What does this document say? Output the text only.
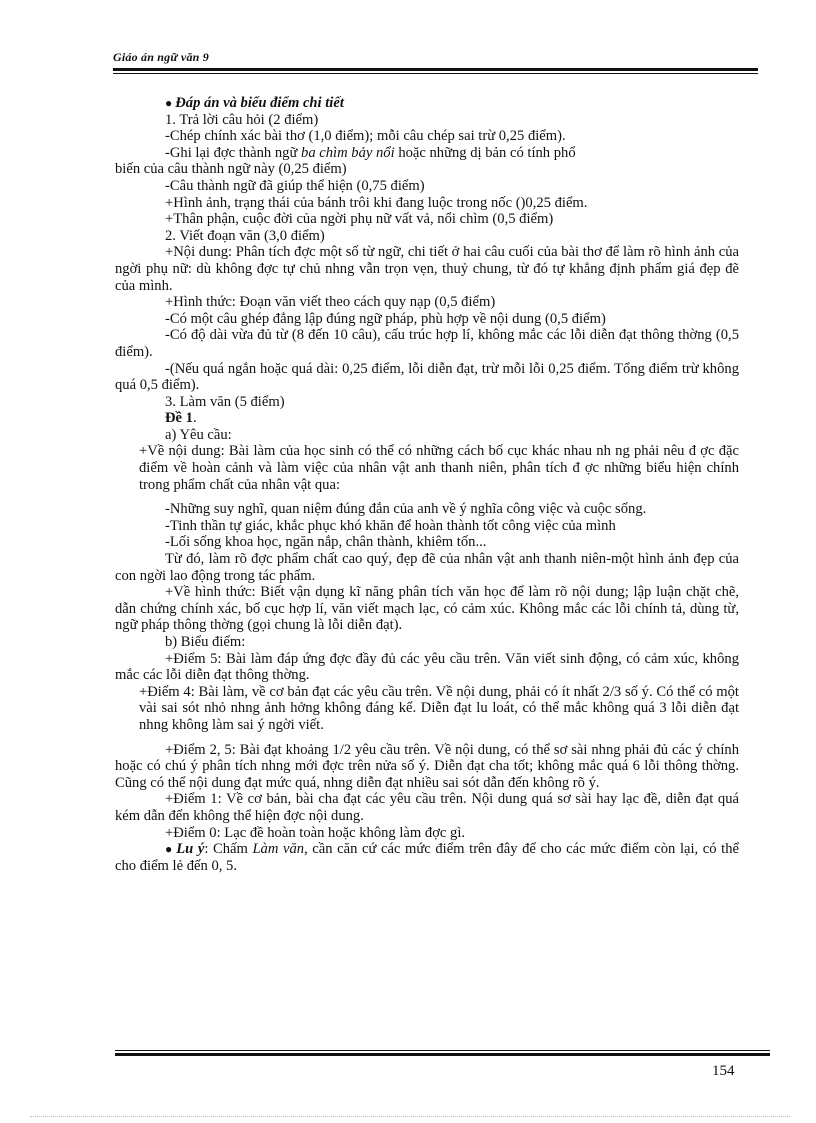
Giáo án ngữ văn 9

● Đáp án và biểu điểm chi tiết

1. Trả lời câu hỏi (2 điểm)

-Chép chính xác bài thơ (1,0 điểm); mỗi câu chép sai trừ 0,25 điểm).

-Ghi lại đợc thành ngữ ba chìm bảy nổi hoặc những dị bản có tính phổ

biến của câu thành ngữ này (0,25 điểm)

-Câu thành ngữ đã giúp thể hiện (0,75 điểm)

+Hình ảnh, trạng thái của bánh trôi khi đang luộc trong nốc ()0,25 điểm.

+Thân phận, cuộc đời của ngời phụ nữ vất vả, nổi chìm (0,5 điểm)

2. Viết đoạn văn (3,0 điểm)

+Nội dung: Phân tích đợc một số từ ngữ, chi tiết ở hai câu cuối của bài thơ để làm rõ hình ảnh của ngời phụ nữ: dù không đợc tự chủ nhng vẫn trọn vẹn, thuỷ chung, từ đó tự khẳng định phẩm giá đẹp đẽ của mình.

+Hình thức: Đoạn văn viết theo cách quy nạp (0,5 điểm)

-Có một câu ghép đẳng lập đúng ngữ pháp, phù hợp về nội dung (0,5 điểm)

-Có độ dài vừa đủ từ (8 đến 10 câu), cấu trúc hợp lí, không mắc các lỗi diễn đạt thông thờng (0,5 điểm).

-(Nếu quá ngắn hoặc quá dài: 0,25 điểm, lỗi diễn đạt, trừ mỗi lỗi 0,25 điểm. Tổng điểm trừ không quá 0,5 điểm).

3. Làm văn (5 điểm)

Đề 1.

a) Yêu cầu:

+Về nội dung: Bài làm của học sinh có thể có những cách bố cục khác nhau nh ng phải nêu đ ợc đặc điểm về hoàn cảnh và làm việc của nhân vật anh thanh niên, phân tích đ ợc những biểu hiện chính trong phẩm chất của nhân vật qua:

-Những suy nghĩ, quan niệm đúng đắn của anh về ý nghĩa công việc và cuộc sống.

-Tinh thần tự giác, khắc phục khó khăn để hoàn thành tốt công việc của mình

-Lối sống khoa học, ngăn nắp, chân thành, khiêm tốn...

Từ đó, làm rõ đợc phẩm chất cao quý, đẹp đẽ của nhân vật anh thanh niên-một hình ảnh đẹp của con ngời lao động trong tác phẩm.

+Về hình thức: Biết vận dụng kĩ năng phân tích văn học để làm rõ nội dung; lập luận chặt chẽ, dẫn chứng chính xác, bố cục hợp lí, văn viết mạch lạc, có cảm xúc. Không mắc các lỗi chính tả, dùng từ, ngữ pháp thông thờng (gọi chung là lỗi diễn đạt).

b) Biểu điểm:

+Điểm 5: Bài làm đáp ứng đợc đầy đủ các yêu cầu trên. Văn viết sinh động, có cảm xúc, không mắc các lỗi diễn đạt thông thờng.

+Điểm 4: Bài làm, về cơ bản đạt các yêu cầu trên. Về nội dung, phải có ít nhất 2/3 số ý. Có thể có một vài sai sót nhỏ nhng ảnh hởng không đáng kể. Diễn đạt lu loát, có thể mắc không quá 3 lỗi diễn đạt nhng không làm sai ý ngời viết.

+Điểm 2, 5: Bài đạt khoảng 1/2 yêu cầu trên. Về nội dung, có thể sơ sài nhng phải đủ các ý chính hoặc có chú ý phân tích nhng mới đợc trên nửa số ý. Diễn đạt cha tốt; không mắc quá 6 lỗi thông thờng. Cũng có thể nội dung đạt mức quá, nhng diễn đạt nhiều sai sót dẫn đến không rõ ý.

+Điểm 1: Về cơ bản, bài cha đạt các yêu cầu trên. Nội dung quá sơ sài hay lạc đề, diễn đạt quá kém dẫn đến không thể hiện đợc nội dung.

+Điểm 0: Lạc đề hoàn toàn hoặc không làm đợc gì.

● Lu ý: Chấm Làm văn, cần căn cứ các mức điểm trên đây để cho các mức điểm còn lại, có thể cho điểm lẻ đến 0, 5.

154
